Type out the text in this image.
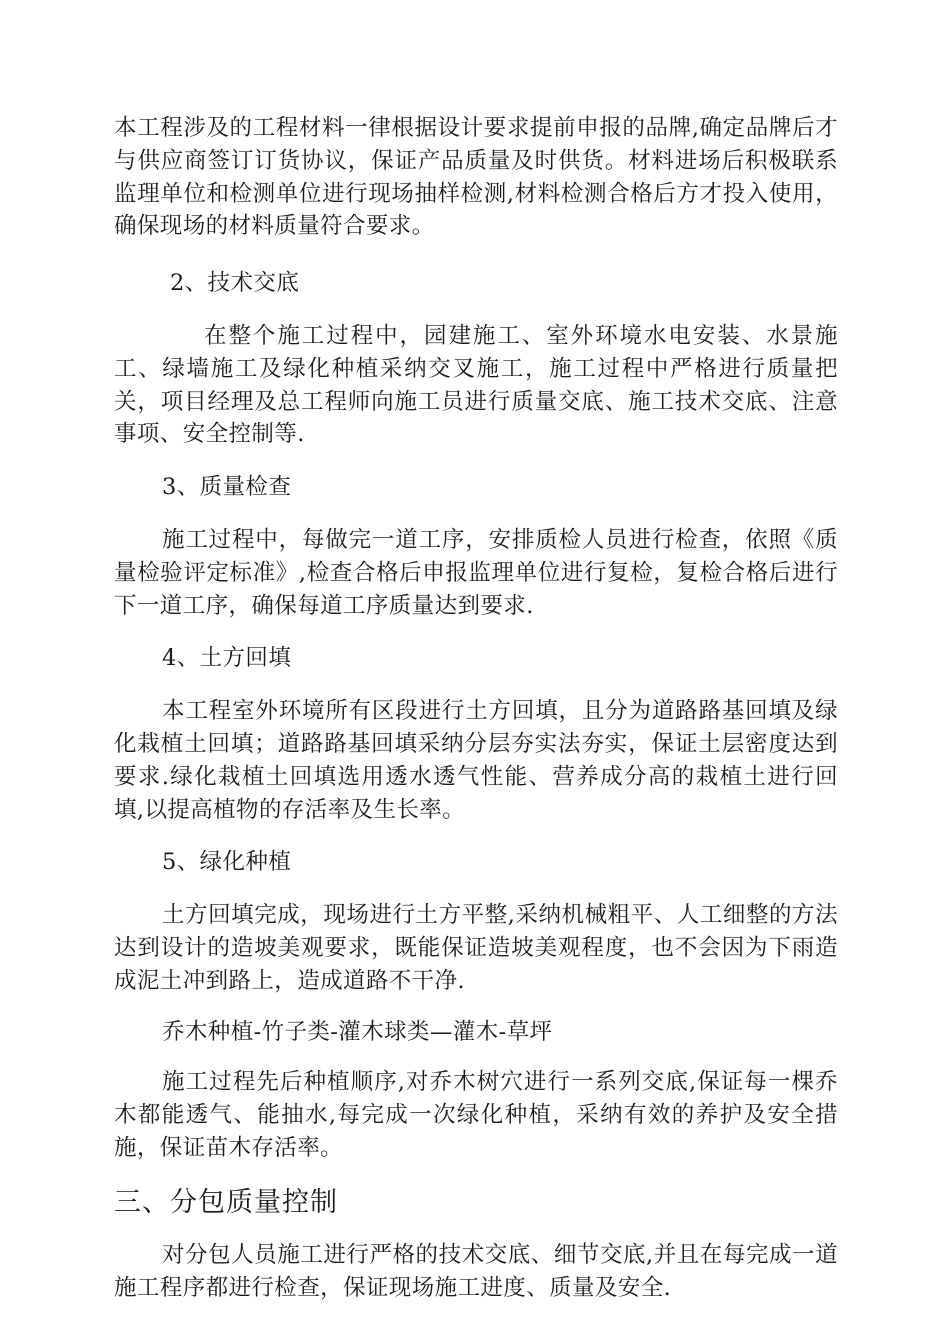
本工程涉及的工程材料一律根据设计要求提前申报的品牌,确定品牌后才与供应商签订订货协议，保证产品质量及时供货。材料进场后积极联系监理单位和检测单位进行现场抽样检测,材料检测合格后方才投入使用，确保现场的材料质量符合要求。

2、技术交底

在整个施工过程中，园建施工、室外环境水电安装、水景施工、绿墙施工及绿化种植采纳交叉施工，施工过程中严格进行质量把关，项目经理及总工程师向施工员进行质量交底、施工技术交底、注意事项、安全控制等.

3、质量检查

施工过程中，每做完一道工序，安排质检人员进行检查，依照《质量检验评定标准》,检查合格后申报监理单位进行复检，复检合格后进行下一道工序，确保每道工序质量达到要求.

4、土方回填

本工程室外环境所有区段进行土方回填，且分为道路路基回填及绿化栽植土回填；道路路基回填采纳分层夯实法夯实，保证土层密度达到要求.绿化栽植土回填选用透水透气性能、营养成分高的栽植土进行回填,以提高植物的存活率及生长率。

5、绿化种植

土方回填完成，现场进行土方平整,采纳机械粗平、人工细整的方法达到设计的造坡美观要求，既能保证造坡美观程度，也不会因为下雨造成泥土冲到路上，造成道路不干净.

乔木种植-竹子类-灌木球类—灌木-草坪

施工过程先后种植顺序,对乔木树穴进行一系列交底,保证每一棵乔木都能透气、能抽水,每完成一次绿化种植，采纳有效的养护及安全措施，保证苗木存活率。

三、分包质量控制

对分包人员施工进行严格的技术交底、细节交底,并且在每完成一道施工程序都进行检查，保证现场施工进度、质量及安全.
